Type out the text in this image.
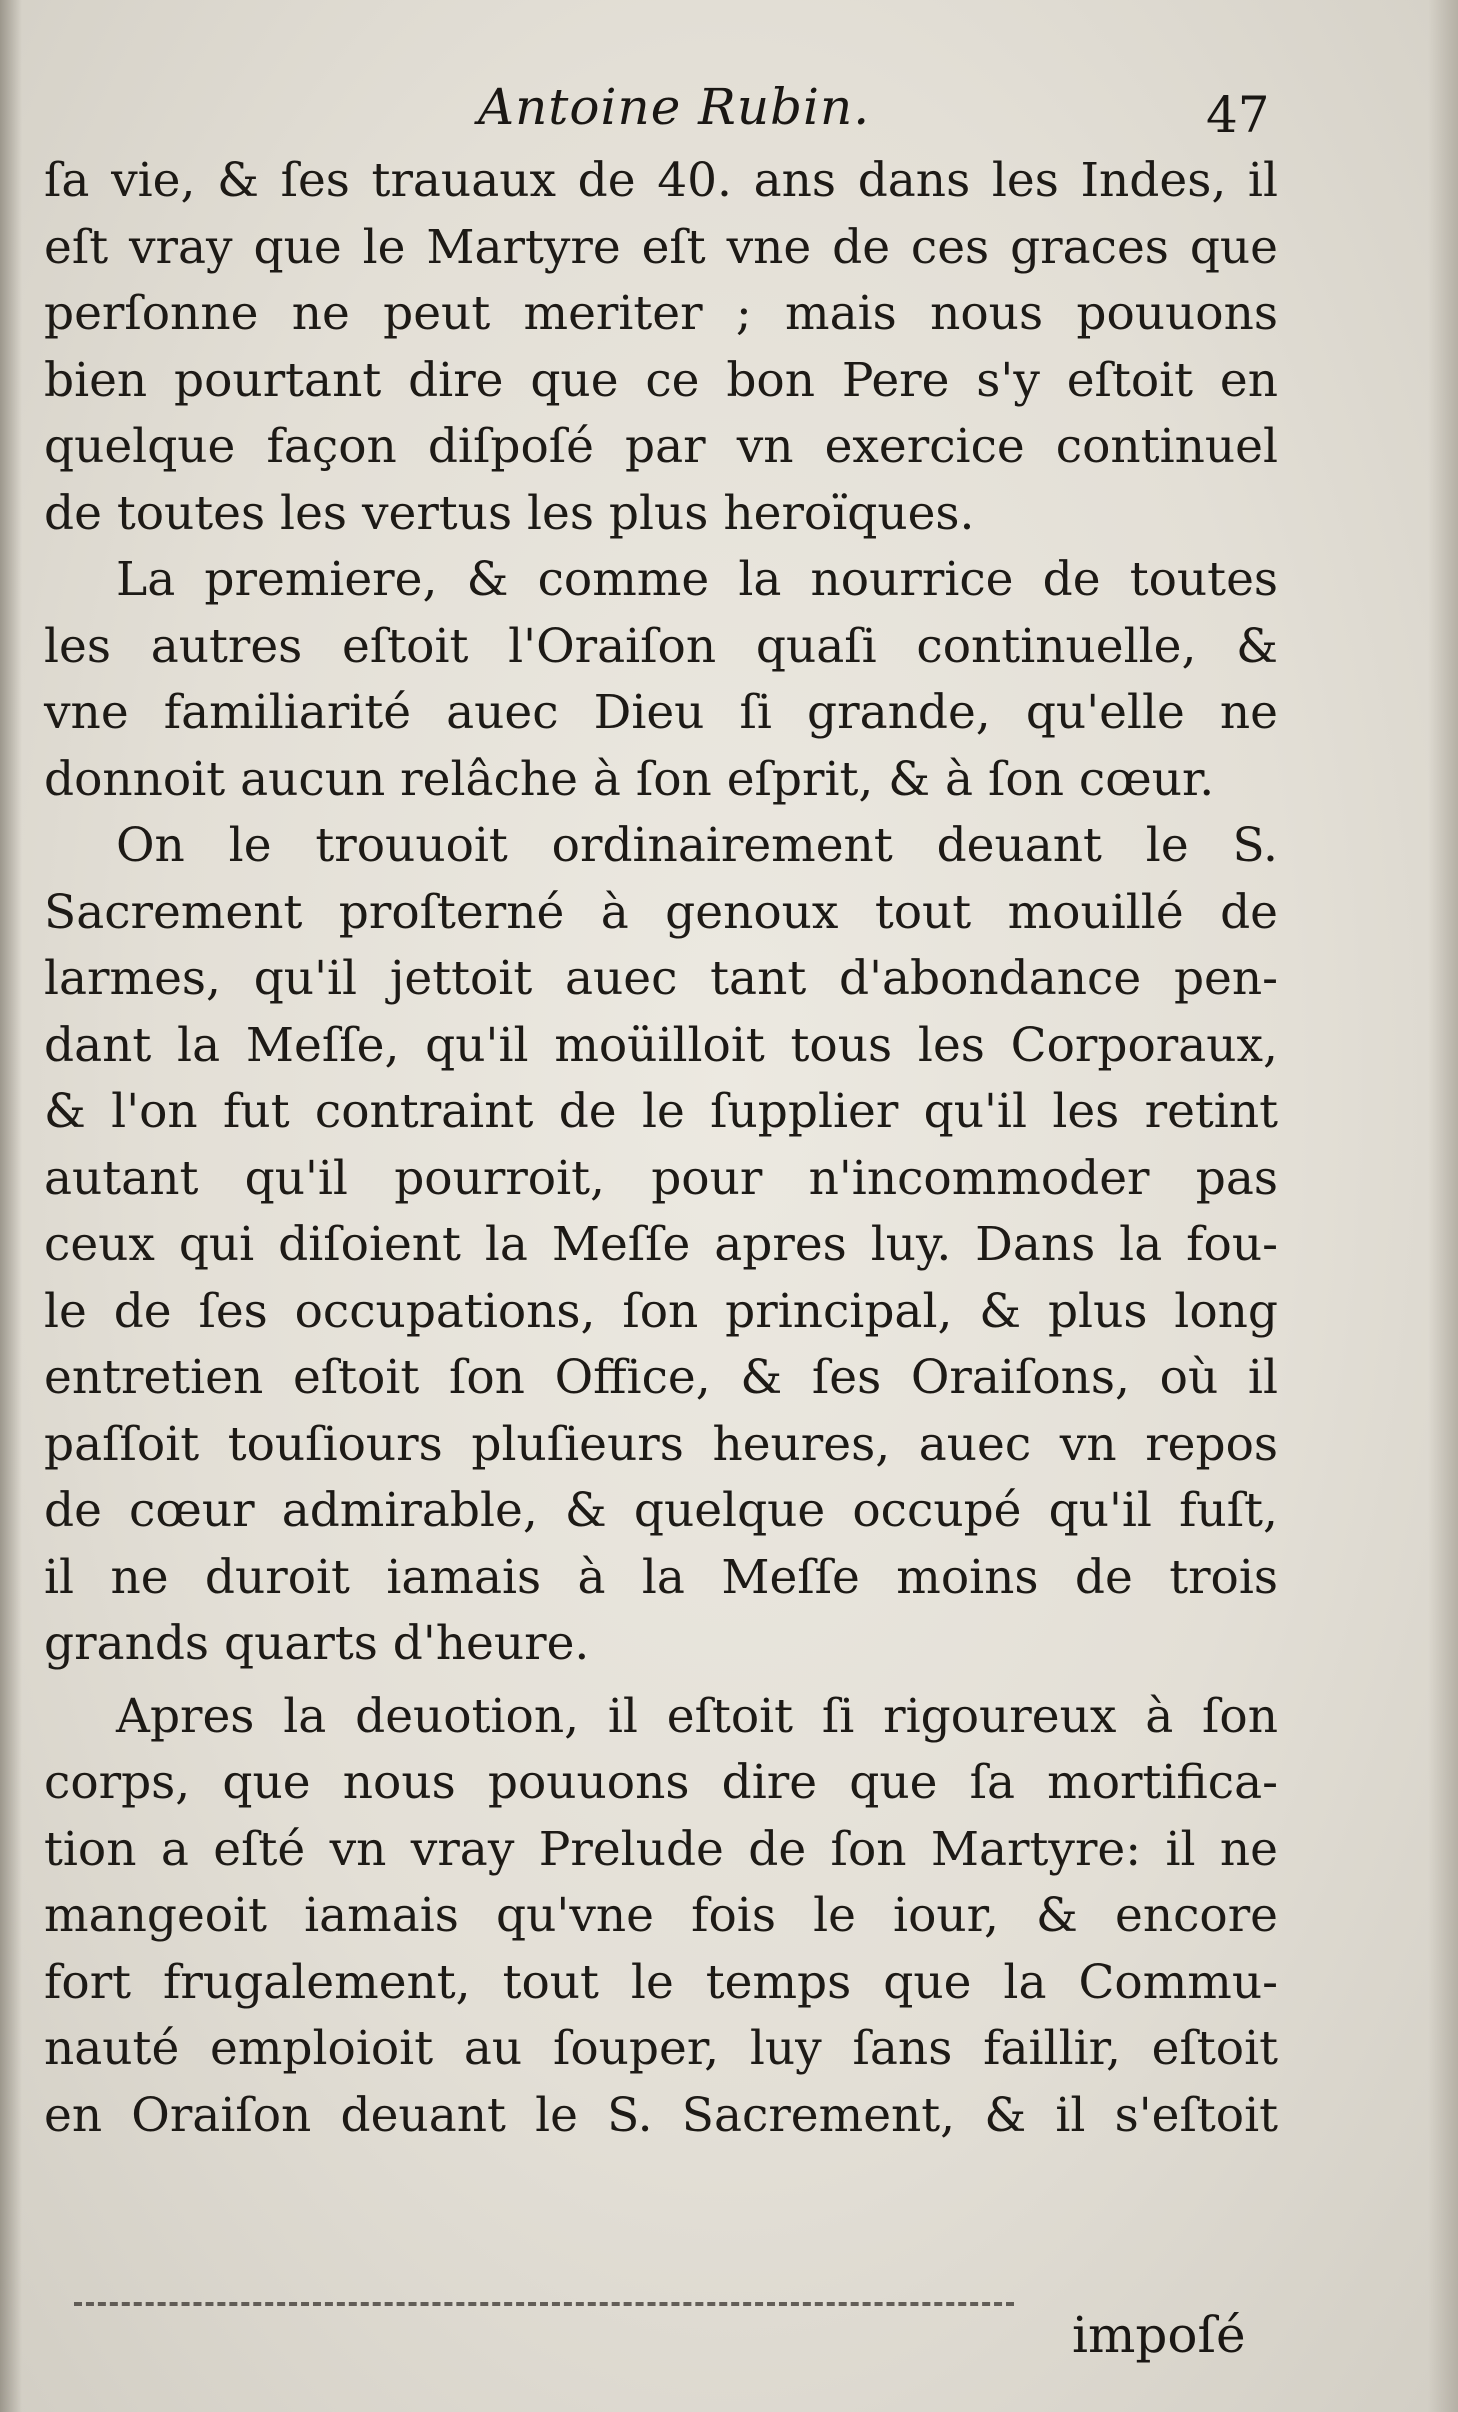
Antoine Rubin.	47
ſa vie, & ſes trauaux de 40. ans dans les Indes, il
eſt vray que le Martyre eſt vne de ces graces que
perſonne ne peut meriter ; mais nous pouuons
bien pourtant dire que ce bon Pere s'y eſtoit en
quelque façon diſpoſé par vn exercice continuel
de toutes les vertus les plus heroïques.
La premiere, & comme la nourrice de toutes
les autres eſtoit l'Oraiſon quaſi continuelle, &
vne familiarité auec Dieu ſi grande, qu'elle ne
donnoit aucun relâche à ſon eſprit, & à ſon cœur.
On le trouuoit ordinairement deuant le S.
Sacrement proſterné à genoux tout mouillé de
larmes, qu'il jettoit auec tant d'abondance pen-
dant la Meſſe, qu'il moüilloit tous les Corporaux,
& l'on fut contraint de le ſupplier qu'il les retint
autant qu'il pourroit, pour n'incommoder pas
ceux qui diſoient la Meſſe apres luy. Dans la fou-
le de ſes occupations, ſon principal, & plus long
entretien eſtoit ſon Office, & ſes Oraiſons, où il
paſſoit touſiours pluſieurs heures, auec vn repos
de cœur admirable, & quelque occupé qu'il fuſt,
il ne duroit iamais à la Meſſe moins de trois
grands quarts d'heure.
Apres la deuotion, il eſtoit ſi rigoureux à ſon
corps, que nous pouuons dire que ſa mortifica-
tion a eſté vn vray Prelude de ſon Martyre: il ne
mangeoit iamais qu'vne fois le iour, & encore
fort frugalement, tout le temps que la Commu-
nauté emploioit au ſouper, luy ſans faillir, eſtoit
en Oraiſon deuant le S. Sacrement, & il s'eſtoit
impoſé
